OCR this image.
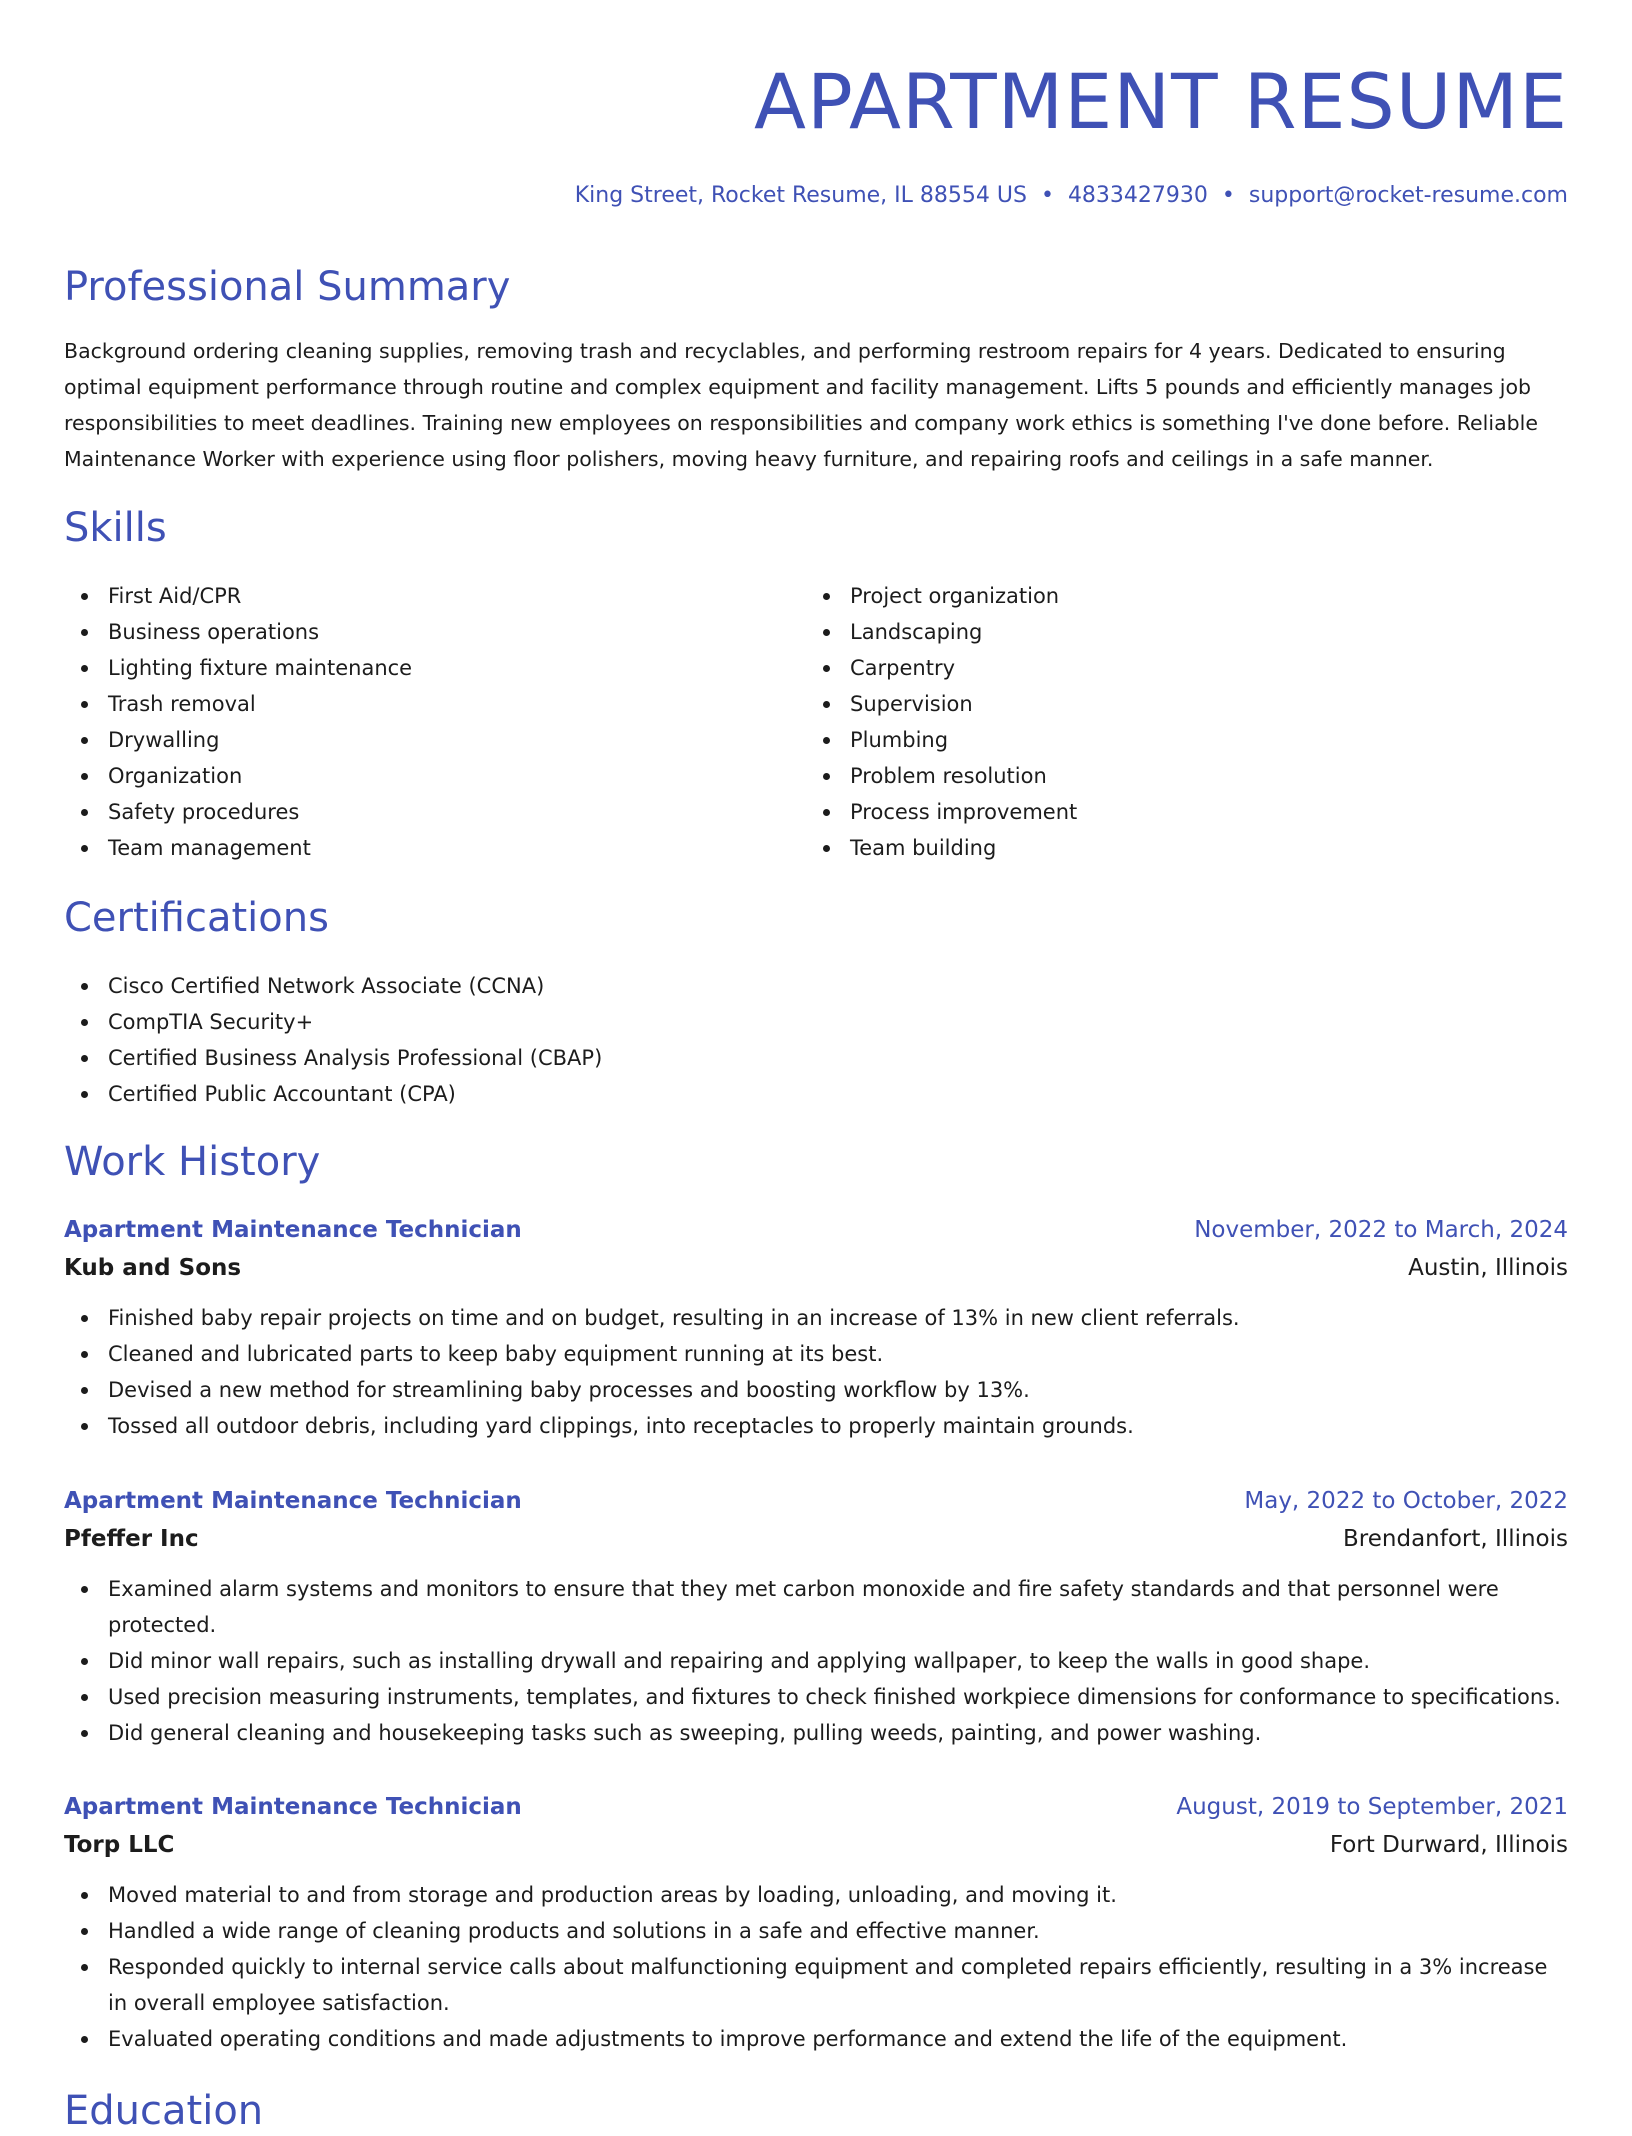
APARTMENT RESUME
King Street, Rocket Resume, IL 88554 US • 4833427930 • support@rocket-resume.com
Professional Summary

Background ordering cleaning supplies, removing trash and recyclables, and performing restroom repairs for 4 years. Dedicated to ensuring optimal equipment performance through routine and complex equipment and facility management. Lifts 5 pounds and efficiently manages job responsibilities to meet deadlines. Training new employees on responsibilities and company work ethics is something I've done before. Reliable Maintenance Worker with experience using floor polishers, moving heavy furniture, and repairing roofs and ceilings in a safe manner.

Skills
First Aid/CPR
Business operations
Lighting fixture maintenance
Trash removal
Drywalling
Organization
Safety procedures
Team management
Project organization
Landscaping
Carpentry
Supervision
Plumbing
Problem resolution
Process improvement
Team building
Certifications
Cisco Certified Network Associate (CCNA)
CompTIA Security+
Certified Business Analysis Professional (CBAP)
Certified Public Accountant (CPA)
Work History
Apartment Maintenance Technician	November, 2022 to March, 2024
Kub and Sons	Austin, Illinois
Finished baby repair projects on time and on budget, resulting in an increase of 13% in new client referrals.
Cleaned and lubricated parts to keep baby equipment running at its best.
Devised a new method for streamlining baby processes and boosting workflow by 13%.
Tossed all outdoor debris, including yard clippings, into receptacles to properly maintain grounds.
Apartment Maintenance Technician	May, 2022 to October, 2022
Pfeffer Inc	Brendanfort, Illinois
Examined alarm systems and monitors to ensure that they met carbon monoxide and fire safety standards and that personnel were protected.
Did minor wall repairs, such as installing drywall and repairing and applying wallpaper, to keep the walls in good shape.
Used precision measuring instruments, templates, and fixtures to check finished workpiece dimensions for conformance to specifications.
Did general cleaning and housekeeping tasks such as sweeping, pulling weeds, painting, and power washing.
Apartment Maintenance Technician	August, 2019 to September, 2021
Torp LLC	Fort Durward, Illinois
Moved material to and from storage and production areas by loading, unloading, and moving it.
Handled a wide range of cleaning products and solutions in a safe and effective manner.
Responded quickly to internal service calls about malfunctioning equipment and completed repairs efficiently, resulting in a 3% increase in overall employee satisfaction.
Evaluated operating conditions and made adjustments to improve performance and extend the life of the equipment.
Education
